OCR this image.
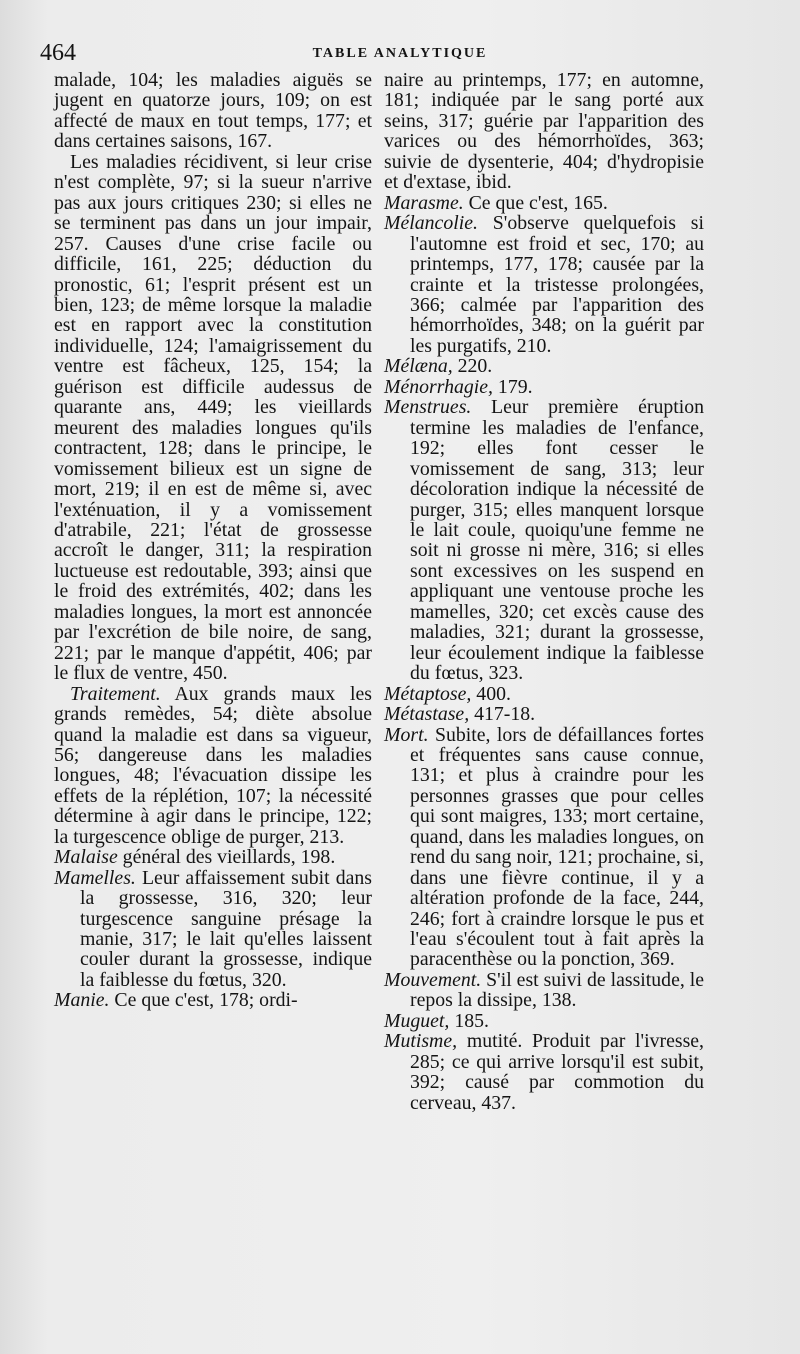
464	TABLE ANALYTIQUE

malade, 104; les maladies aiguës se jugent en quatorze jours, 109; on est affecté de maux en tout temps, 177; et dans certaines saisons, 167.

Les maladies récidivent, si leur crise n'est complète, 97; si la sueur n'arrive pas aux jours critiques 230; si elles ne se terminent pas dans un jour impair, 257. Causes d'une crise facile ou difficile, 161, 225; déduction du pronostic, 61; l'esprit présent est un bien, 123; de même lorsque la maladie est en rapport avec la constitution individuelle, 124; l'amaigrissement du ventre est fâcheux, 125, 154; la guérison est difficile audessus de quarante ans, 449; les vieillards meurent des maladies longues qu'ils contractent, 128; dans le principe, le vomissement bilieux est un signe de mort, 219; il en est de même si, avec l'exténuation, il y a vomissement d'atrabile, 221; l'état de grossesse accroît le danger, 311; la respiration luctueuse est redoutable, 393; ainsi que le froid des extrémités, 402; dans les maladies longues, la mort est annoncée par l'excrétion de bile noire, de sang, 221; par le manque d'appétit, 406; par le flux de ventre, 450.

Traitement. Aux grands maux les grands remèdes, 54; diète absolue quand la maladie est dans sa vigueur, 56; dangereuse dans les maladies longues, 48; l'évacuation dissipe les effets de la réplétion, 107; la nécessité détermine à agir dans le principe, 122; la turgescence oblige de purger, 213.

Malaise général des vieillards, 198.

Mamelles. Leur affaissement subit dans la grossesse, 316, 320; leur turgescence sanguine présage la manie, 317; le lait qu'elles laissent couler durant la grossesse, indique la faiblesse du fœtus, 320.

Manie. Ce que c'est, 178; ordi-

naire au printemps, 177; en automne, 181; indiquée par le sang porté aux seins, 317; guérie par l'apparition des varices ou des hémorrhoïdes, 363; suivie de dysenterie, 404; d'hydropisie et d'extase, ibid.

Marasme. Ce que c'est, 165.

Mélancolie. S'observe quelquefois si l'automne est froid et sec, 170; au printemps, 177, 178; causée par la crainte et la tristesse prolongées, 366; calmée par l'apparition des hémorrhoïdes, 348; on la guérit par les purgatifs, 210.

Mélæna, 220.

Ménorrhagie, 179.

Menstrues. Leur première éruption termine les maladies de l'enfance, 192; elles font cesser le vomissement de sang, 313; leur décoloration indique la nécessité de purger, 315; elles manquent lorsque le lait coule, quoiqu'une femme ne soit ni grosse ni mère, 316; si elles sont excessives on les suspend en appliquant une ventouse proche les mamelles, 320; cet excès cause des maladies, 321; durant la grossesse, leur écoulement indique la faiblesse du fœtus, 323.

Métaptose, 400.

Métastase, 417-18.

Mort. Subite, lors de défaillances fortes et fréquentes sans cause connue, 131; et plus à craindre pour les personnes grasses que pour celles qui sont maigres, 133; mort certaine, quand, dans les maladies longues, on rend du sang noir, 121; prochaine, si, dans une fièvre continue, il y a altération profonde de la face, 244, 246; fort à craindre lorsque le pus et l'eau s'écoulent tout à fait après la paracenthèse ou la ponction, 369.

Mouvement. S'il est suivi de lassitude, le repos la dissipe, 138.

Muguet, 185.

Mutisme, mutité. Produit par l'ivresse, 285; ce qui arrive lorsqu'il est subit, 392; causé par commotion du cerveau, 437.
